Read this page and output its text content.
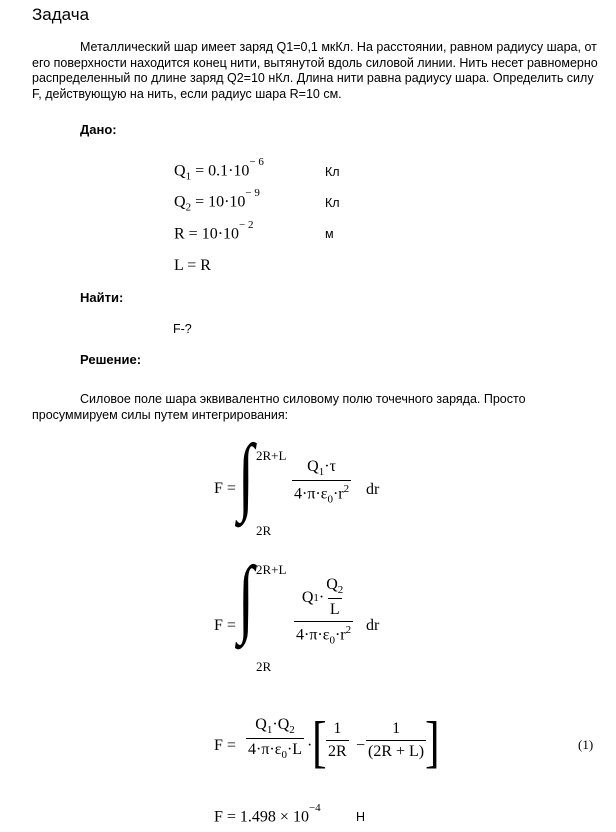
Задача
Металлический шар имеет заряд Q1=0,1 мкКл. На расстоянии, равном радиусу шара, от его поверхности находится конец нити, вытянутой вдоль силовой линии. Нить несет равномерно распределенный по длине заряд Q2=10 нКл. Длина нити равна радиусу шара. Определить силу F, действующую на нить, если радиус шара R=10 см.
Дано:
$Q_1 = 0.1\cdot 10^{- 6}$
Кл
$Q_2 = 10\cdot 10^{- 9}$
Кл
$R = 10\cdot 10^{- 2}$
м
L = R
Найти:
F-?
Решение:
Силовое поле шара эквивалентно силовому полю точечного заряда. Просто просуммируем силы путем интегрирования:
F = ∫ 2R+L
2R
$\frac{Q_1\cdot\tau}{4\cdot\pi\cdot\varepsilon_0\cdot r^2}$ dr
F = ∫ 2R+L
2R
$\frac{Q 1 \cdot \frac{Q_2}{L}}{4\cdot\pi\cdot\varepsilon_0\cdot r^2}$ dr
$F = \frac{Q_1\cdot Q_2}{4\cdot\pi\cdot\varepsilon_0\cdot L}$ · [ $\frac{1}{2R} - \frac{1}{(2R + L)}$
]	(1)
$F = 1.498 \times 10^{-4}$
Н
